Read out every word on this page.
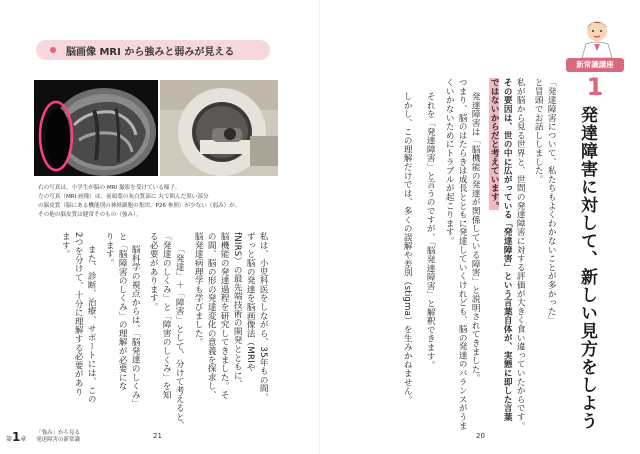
脳画像 MRI から強みと弱みが見える
右の写真は、小学生が脳の MRI 撮影を受けている様子。
左の写真（MRI 画像）は、前頭葉の灰白質部に 丸で囲んだ黒い部分
の脳皮質（脳にある機能別の神経細胞の集団、P26 参照）が少ない（弱み）が、
その他の脳皮質は健常そのもの（強み）。
私は、小児科医をしながら、35年もの間、
ずっと脳の発達を脳画像法（MRIや
fNIRS）の最先端技術の開発とともに、
脳機能の発達過程を研究してきました。そ
の間、脳の形の発達変化の意義を探求し、
脳発達病理学も学びました。
「発達」＋「障害」として、分けて考えると、
「発達のしくみ」と「障害のしくみ」を知
る必要があります。
脳科学の視点からは、「脳発達のしくみ」
と「脳障害のしくみ」の理解が必要にな
ります。
また、診断、治療、サポートには、この
2つを分けて、十分に理解する必要があり
ます。
第1章
「強み」から見る
発達障害の新常識	21	20
新常識講座
1
発達障害に対して、新しい見方をしよう
「発達障害について、私たちもよくわかないことが多かった」
と冒頭でお話ししました。
私が脳から見る世界と、世間の発達障害に対する評価が大きく食い違っていたからです。
その要因は、世の中に広がっている「発達障害」という言葉自体が、実態に即した言葉
ではないからだと考えています。
発達障害は「脳機能の発達が関係している障害」と説明されてきました。
つまり、脳のはたらきは成長とともに発達していくけれども、脳の発達のバランスがうま
くいかないためにトラブルが起こります。
それを「発達障害」と言うのですが、「脳発達障害」と解釈できます。
しかし、この理解だけでは、多くの誤解や差別（stigma）を生みかねません。
